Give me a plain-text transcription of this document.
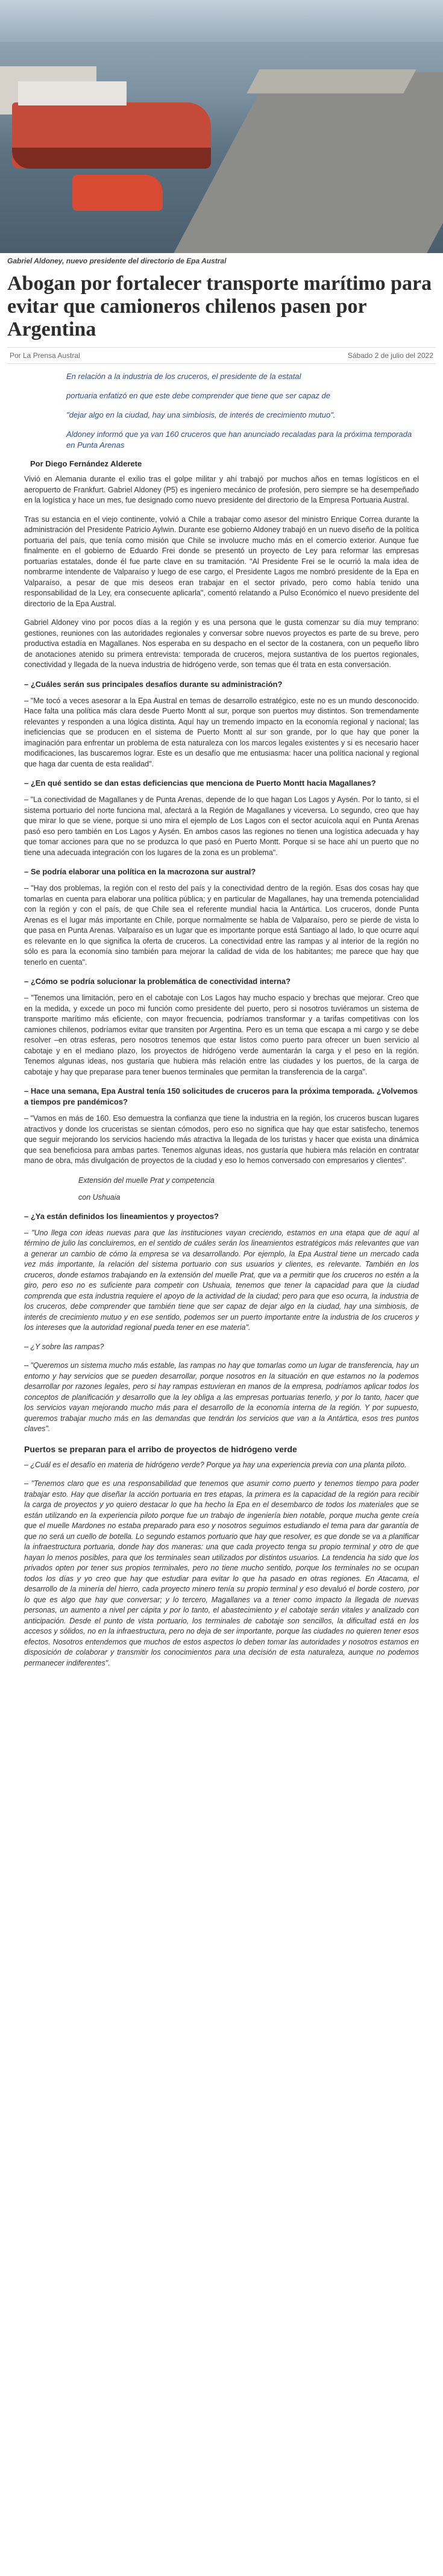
Gabriel Aldoney, nuevo presidente del directorio de Epa Austral
Abogan por fortalecer transporte marítimo para evitar que camioneros chilenos pasen por Argentina
Por La Prensa Austral	Sábado 2 de julio del 2022

En relación a la industria de los cruceros, el presidente de la estatal

portuaria enfatizó en que este debe comprender que tiene que ser capaz de

"dejar algo en la ciudad, hay una simbiosis, de interés de crecimiento mutuo".

Aldoney informó que ya van 160 cruceros que han anunciado recaladas para la próxima temporada en Punta Arenas

Por Diego Fernández Alderete

Vivió en Alemania durante el exilio tras el golpe militar y ahí trabajó por muchos años en temas logísticos en el aeropuerto de Frankfurt. Gabriel Aldoney (P5) es ingeniero mecánico de profesión, pero siempre se ha desempeñado en la logística y hace un mes, fue designado como nuevo presidente del directorio de la Empresa Portuaria Austral.

Tras su estancia en el viejo continente, volvió a Chile a trabajar como asesor del ministro Enrique Correa durante la administración del Presidente Patricio Aylwin. Durante ese gobierno Aldoney trabajó en un nuevo diseño de la política portuaria del país, que tenía como misión que Chile se involucre mucho más en el comercio exterior. Aunque fue finalmente en el gobierno de Eduardo Frei donde se presentó un proyecto de Ley para reformar las empresas portuarias estatales, donde él fue parte clave en su tramitación. "Al Presidente Frei se le ocurrió la mala idea de nombrarme intendente de Valparaíso y luego de ese cargo, el Presidente Lagos me nombró presidente de la Epa en Valparaíso, a pesar de que mis deseos eran trabajar en el sector privado, pero como había tenido una responsabilidad de la Ley, era consecuente aplicarla", comentó relatando a Pulso Económico el nuevo presidente del directorio de la Epa Austral.

Gabriel Aldoney vino por pocos días a la región y es una persona que le gusta comenzar su día muy temprano: gestiones, reuniones con las autoridades regionales y conversar sobre nuevos proyectos es parte de su breve, pero productiva estadía en Magallanes. Nos esperaba en su despacho en el sector de la costanera, con un pequeño libro de anotaciones atenido su primera entrevista: temporada de cruceros, mejora sustantiva de los puertos regionales, conectividad y llegada de la nueva industria de hidrógeno verde, son temas que él trata en esta conversación.

– ¿Cuáles serán sus principales desafíos durante su administración?

– "Me tocó a veces asesorar a la Epa Austral en temas de desarrollo estratégico, este no es un mundo desconocido. Hace falta una política más clara desde Puerto Montt al sur, porque son puertos muy distintos. Son tremendamente relevantes y responden a una lógica distinta. Aquí hay un tremendo impacto en la economía regional y nacional; las ineficiencias que se producen en el sistema de Puerto Montt al sur son grande, por lo que hay que poner la imaginación para enfrentar un problema de esta naturaleza con los marcos legales existentes y si es necesario hacer modificaciones, las buscaremos lograr. Este es un desafío que me entusiasma: hacer una política nacional y regional que haga dar cuenta de esta realidad".

– ¿En qué sentido se dan estas deficiencias que menciona de Puerto Montt hacia Magallanes?

– "La conectividad de Magallanes y de Punta Arenas, depende de lo que hagan Los Lagos y Aysén. Por lo tanto, si el sistema portuario del norte funciona mal, afectará a la Región de Magallanes y viceversa. Lo segundo, creo que hay que mirar lo que se viene, porque si uno mira el ejemplo de Los Lagos con el sector acuícola aquí en Punta Arenas pasó eso pero también en Los Lagos y Aysén. En ambos casos las regiones no tienen una logística adecuada y hay que tomar acciones para que no se produzca lo que pasó en Puerto Montt. Porque si se hace ahí un puerto que no tiene una adecuada integración con los lugares de la zona es un problema".

– Se podría elaborar una política en la macrozona sur austral?

– "Hay dos problemas, la región con el resto del país y la conectividad dentro de la región. Esas dos cosas hay que tomarlas en cuenta para elaborar una política pública; y en particular de Magallanes, hay una tremenda potencialidad con la región y con el país, de que Chile sea el referente mundial hacia la Antártica. Los cruceros, donde Punta Arenas es el lugar más importante en Chile, porque normalmente se habla de Valparaíso, pero se pierde de vista lo que pasa en Punta Arenas. Valparaíso es un lugar que es importante porque está Santiago al lado, lo que ocurre aquí es relevante en lo que significa la oferta de cruceros. La conectividad entre las rampas y al interior de la región no sólo es para la economía sino también para mejorar la calidad de vida de los habitantes; me parece que hay que tenerlo en cuenta".

– ¿Cómo se podría solucionar la problemática de conectividad interna?

– "Tenemos una limitación, pero en el cabotaje con Los Lagos hay mucho espacio y brechas que mejorar. Creo que en la medida, y excede un poco mi función como presidente del puerto, pero si nosotros tuviéramos un sistema de transporte marítimo más eficiente, con mayor frecuencia, podríamos transformar y a tarifas competitivas con los camiones chilenos, podríamos evitar que transiten por Argentina. Pero es un tema que escapa a mi cargo y se debe resolver –en otras esferas, pero nosotros tenemos que estar listos como puerto para ofrecer un buen servicio al cabotaje y en el mediano plazo, los proyectos de hidrógeno verde aumentarán la carga y el peso en la región. Tenemos algunas ideas, nos gustaría que hubiera más relación entre las ciudades y los puertos, de la carga de cabotaje y hay que preparase para tener buenos terminales que permitan la transferencia de la carga".

– Hace una semana, Epa Austral tenía 150 solicitudes de cruceros para la próxima temporada. ¿Volvemos a tiempos pre pandémicos?

– "Vamos en más de 160. Eso demuestra la confianza que tiene la industria en la región, los cruceros buscan lugares atractivos y donde los cruceristas se sientan cómodos, pero eso no significa que hay que estar satisfecho, tenemos que seguir mejorando los servicios haciendo más atractiva la llegada de los turistas y hacer que exista una dinámica que sea beneficiosa para ambas partes. Tenemos algunas ideas, nos gustaría que hubiera más relación en contratar mano de obra, más divulgación de proyectos de la ciudad y eso lo hemos conversado con empresarios y clientes".

Extensión del muelle Prat y competencia
con Ushuaia
– ¿Ya están definidos los lineamientos y proyectos?

– "Uno llega con ideas nuevas para que las instituciones vayan creciendo, estamos en una etapa que de aquí al término de julio las concluiremos, en el sentido de cuáles serán los lineamientos estratégicos más relevantes que van a generar un cambio de cómo la empresa se va desarrollando. Por ejemplo, la Epa Austral tiene un mercado cada vez más importante, la relación del sistema portuario con sus usuarios y clientes, es relevante. También en los cruceros, donde estamos trabajando en la extensión del muelle Prat, que va a permitir que los cruceros no estén a la giro, pero eso no es suficiente para competir con Ushuaia, tenemos que tener la capacidad para que la ciudad comprenda que esta industria requiere el apoyo de la actividad de la ciudad; pero para que eso ocurra, la industria de los cruceros, debe comprender que también tiene que ser capaz de dejar algo en la ciudad, hay una simbiosis, de interés de crecimiento mutuo y en ese sentido, podemos ser un puerto importante entre la industria de los cruceros y los intereses que la autoridad regional pueda tener en ese materia".

– ¿Y sobre las rampas?

– "Queremos un sistema mucho más estable, las rampas no hay que tomarlas como un lugar de transferencia, hay un entorno y hay servicios que se pueden desarrollar, porque nosotros en la situación en que estamos no la podemos desarrollar por razones legales, pero si hay rampas estuvieran en manos de la empresa, podríamos aplicar todos los conceptos de planificación y desarrollo que la ley obliga a las empresas portuarias tenerlo, y por lo tanto, hacer que los servicios vayan mejorando mucho más para el desarrollo de la economía interna de la región. Y por supuesto, queremos trabajar mucho más en las demandas que tendrán los servicios que van a la Antártica, esos tres puntos claves".

Puertos se preparan para el arribo de proyectos de hidrógeno verde

– ¿Cuál es el desafío en materia de hidrógeno verde? Porque ya hay una experiencia previa con una planta piloto.

– "Tenemos claro que es una responsabilidad que tenemos que asumir como puerto y tenemos tiempo para poder trabajar esto. Hay que diseñar la acción portuaria en tres etapas, la primera es la capacidad de la región para recibir la carga de proyectos y yo quiero destacar lo que ha hecho la Epa en el desembarco de todos los materiales que se están utilizando en la experiencia piloto porque fue un trabajo de ingeniería bien notable, porque mucha gente creía que el muelle Mardones no estaba preparado para eso y nosotros seguimos estudiando el tema para dar garantía de que no será un cuello de botella. Lo segundo estamos portuario que hay que resolver, es que donde se va a planificar la infraestructura portuaria, donde hay dos maneras: una que cada proyecto tenga su propio terminal y otro de que hayan lo menos posibles, para que los terminales sean utilizados por distintos usuarios. La tendencia ha sido que los privados opten por tener sus propios terminales, pero no tiene mucho sentido, porque los terminales no se ocupan todos los días y yo creo que hay que estudiar para evitar lo que ha pasado en otras regiones. En Atacama, el desarrollo de la minería del hierro, cada proyecto minero tenía su propio terminal y eso devaluó el borde costero, por lo que es algo que hay que conversar; y lo tercero, Magallanes va a tener como impacto la llegada de nuevas personas, un aumento a nivel per cápita y por lo tanto, el abastecimiento y el cabotaje serán vitales y analizado con anticipación. Desde el punto de vista portuario, los terminales de cabotaje son sencillos, la dificultad está en los accesos y sólidos, no en la infraestructura, pero no deja de ser importante, porque las ciudades no quieren tener esos efectos. Nosotros entendemos que muchos de estos aspectos lo deben tomar las autoridades y nosotros estamos en disposición de colaborar y transmitir los conocimientos para una decisión de esta naturaleza, aunque no podemos permanecer indiferentes".
